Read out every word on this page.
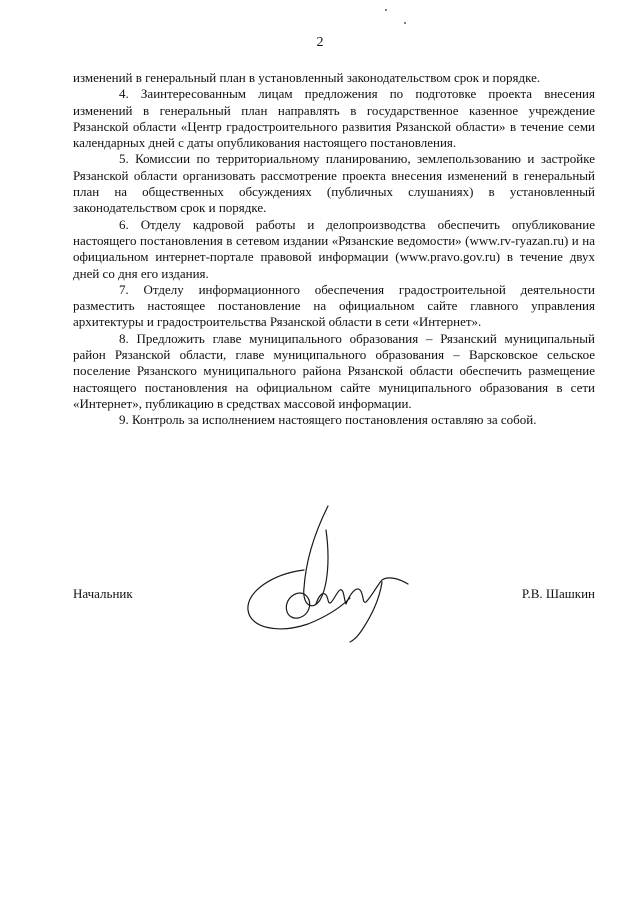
2

изменений в генеральный план в установленный законодательством срок и порядке.

4. Заинтересованным лицам предложения по подготовке проекта внесения изменений в генеральный план направлять в государственное казенное учреждение Рязанской области «Центр градостроительного развития Рязанской области» в течение семи календарных дней с даты опубликования настоящего постановления.

5. Комиссии по территориальному планированию, землепользованию и застройке Рязанской области организовать рассмотрение проекта внесения изменений в генеральный план на общественных обсуждениях (публичных слушаниях) в установленный законодательством срок и порядке.

6. Отделу кадровой работы и делопроизводства обеспечить опубликование настоящего постановления в сетевом издании «Рязанские ведомости» (www.rv-ryazan.ru) и на официальном интернет-портале правовой информации (www.pravo.gov.ru) в течение двух дней со дня его издания.

7. Отделу информационного обеспечения градостроительной деятельности разместить настоящее постановление на официальном сайте главного управления архитектуры и градостроительства Рязанской области в сети «Интернет».

8. Предложить главе муниципального образования – Рязанский муниципальный район Рязанской области, главе муниципального образования – Варсковское сельское поселение Рязанского муниципального района Рязанской области обеспечить размещение настоящего постановления на официальном сайте муниципального образования в сети «Интернет», публикацию в средствах массовой информации.

9. Контроль за исполнением настоящего постановления оставляю за собой.

Начальник	Р.В. Шашкин
